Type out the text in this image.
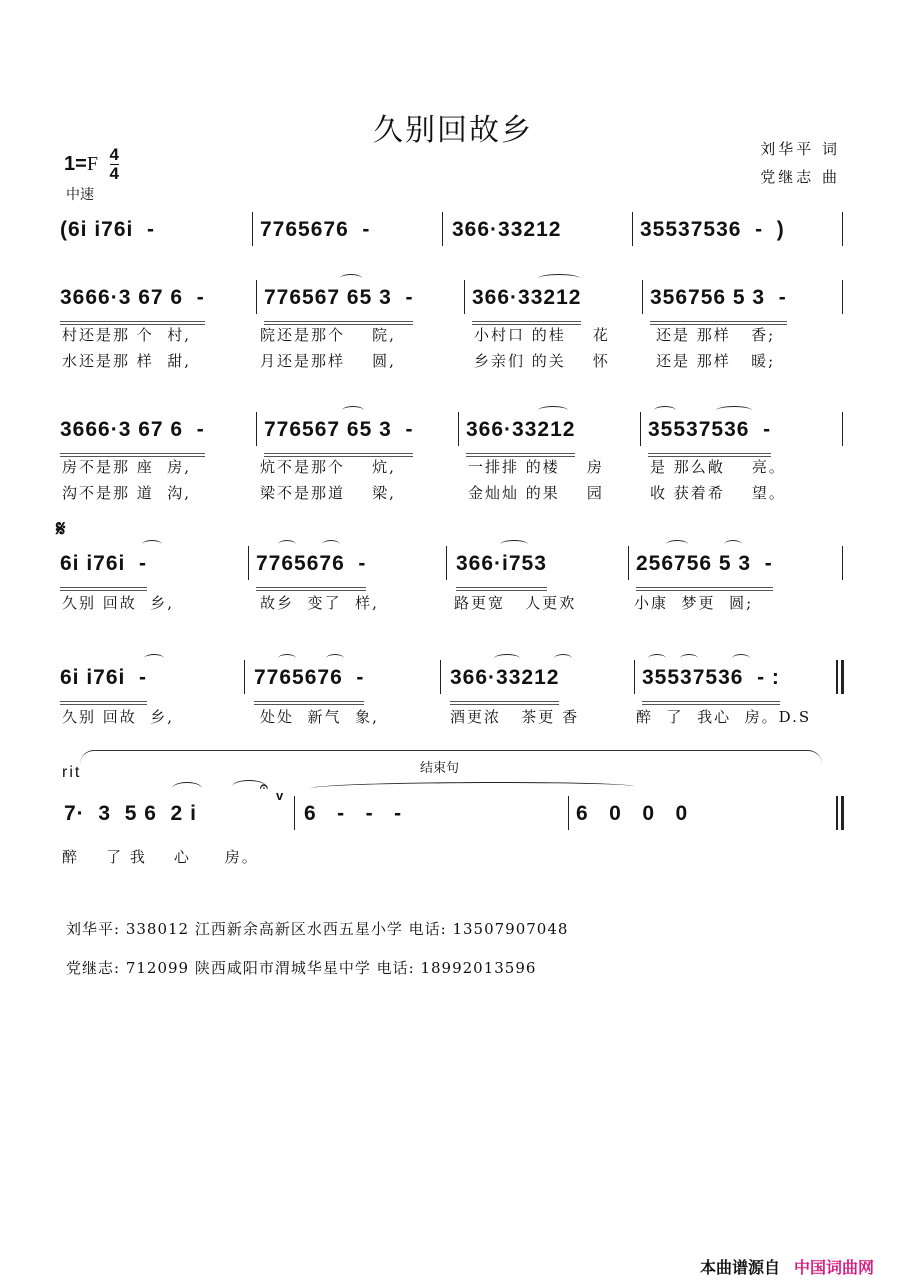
久别回故乡
刘华平 词
党继志 曲
$1=F \frac{4}{4}$
中速

(6i i76i  -

	7765676  -

	366·33212

	35537536  -  )

3666·3 67 6  -

	776567 65 3  -

	366·33212

	356756 5 3  -

村还是那 个  村,	院还是那个    院,	小村口 的桂    花	还是 那样   香;
水还是那 样  甜,	月还是那样    圆,	乡亲们 的关    怀	还是 那样   暖;

3666·3 67 6  -

	776567 65 3  -

	366·33212

	35537536  -

房不是那 座  房,	炕不是那个    炕,	一排排 的楼    房	是 那么敞    亮。
沟不是那 道  沟,	梁不是那道    梁,	金灿灿 的果    园	收 获着希    望。
𝄋

6i i76i  -

	7765676  -

	366·i753

	256756 5 3  -

久别 回故  乡,	故乡  变了  样,	路更宽   人更欢	小康  梦更  圆;

6i i76i  -

	7765676  -

	366·33212

	35537536  - :

久别 回故  乡,	处处  新气  象,	酒更浓   茶更 香	醉  了  我心  房。D.S
结束句
rit

7·  3  5 6  2 i

𝄐

v

6   -   -   -

	6   0   0   0

醉    了 我    心     房。
刘华平: 338012 江西新余高新区水西五星小学 电话: 13507907048
党继志: 712099 陕西咸阳市渭城华星中学 电话: 18992013596
本曲谱源自 中国词曲网
